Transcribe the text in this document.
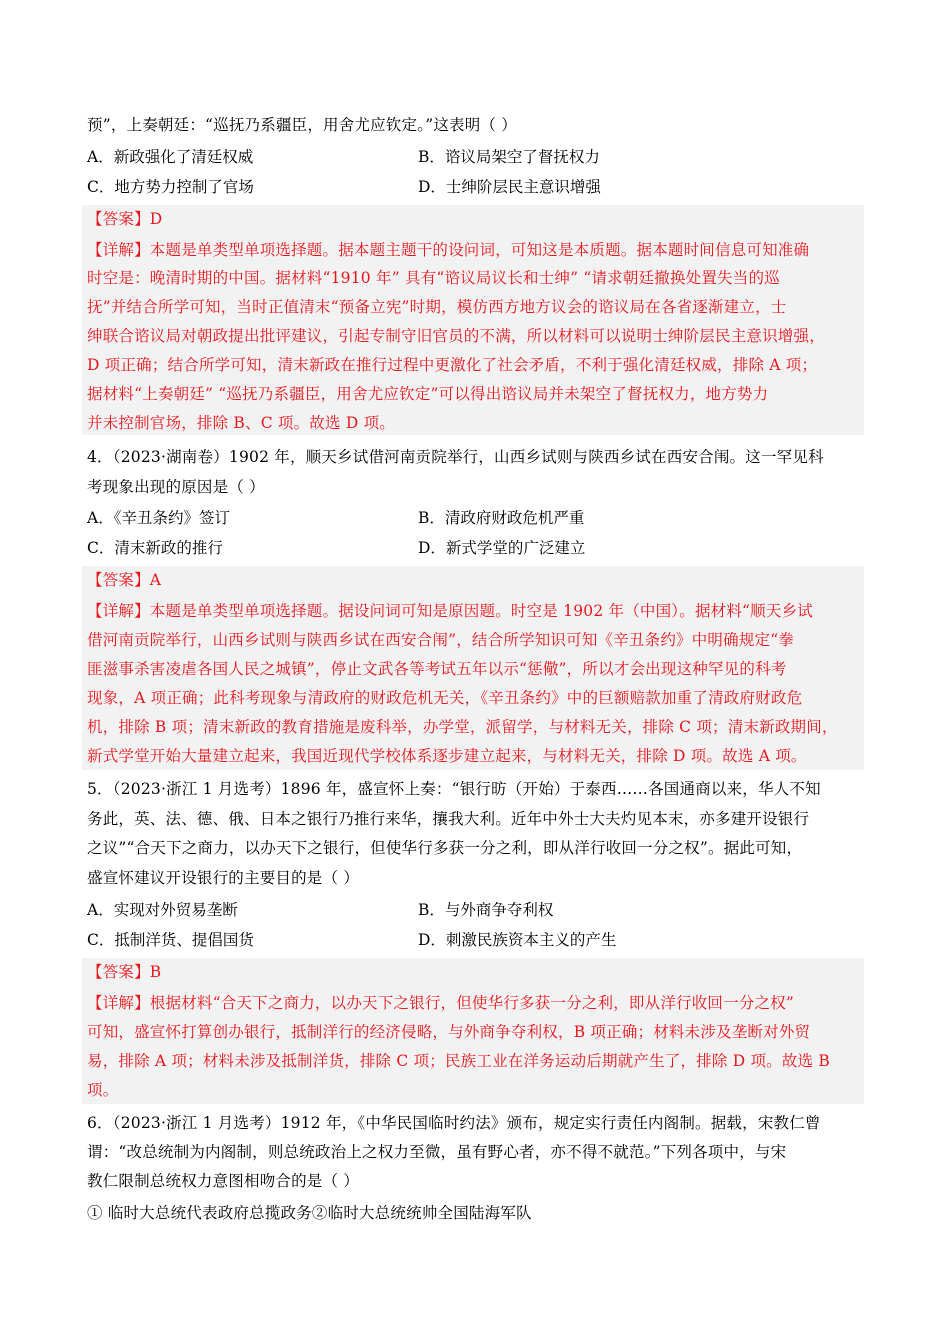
预”，上奏朝廷：“巡抚乃系疆臣，用舍尤应钦定。”这表明（ ）
A．新政强化了清廷权威	B．谘议局架空了督抚权力
C．地方势力控制了官场	D．士绅阶层民主意识增强
【答案】D
【详解】本题是单类型单项选择题。据本题主题干的设问词，可知这是本质题。据本题时间信息可知准确
时空是：晚清时期的中国。据材料“1910 年” 具有“谘议局议长和士绅” “请求朝廷撤换处置失当的巡
抚”并结合所学可知，当时正值清末“预备立宪”时期，模仿西方地方议会的谘议局在各省逐渐建立，士
绅联合谘议局对朝政提出批评建议，引起专制守旧官员的不满，所以材料可以说明士绅阶层民主意识增强，
D 项正确；结合所学可知，清末新政在推行过程中更激化了社会矛盾，不利于强化清廷权威，排除 A 项；
据材料“上奏朝廷” “巡抚乃系疆臣，用舍尤应钦定”可以得出谘议局并未架空了督抚权力，地方势力
并未控制官场，排除 B、C 项。故选 D 项。
4．（2023·湖南卷）1902 年，顺天乡试借河南贡院举行，山西乡试则与陕西乡试在西安合闱。这一罕见科
考现象出现的原因是（ ）
A．《辛丑条约》签订	B．清政府财政危机严重
C．清末新政的推行	D．新式学堂的广泛建立
【答案】A
【详解】本题是单类型单项选择题。据设问词可知是原因题。时空是 1902 年（中国）。据材料“顺天乡试
借河南贡院举行，山西乡试则与陕西乡试在西安合闱”，结合所学知识可知《辛丑条约》中明确规定“拳
匪滋事杀害凌虐各国人民之城镇”，停止文武各等考试五年以示“惩儆”，所以才会出现这种罕见的科考
现象，A 项正确；此科考现象与清政府的财政危机无关，《辛丑条约》中的巨额赔款加重了清政府财政危
机，排除 B 项；清末新政的教育措施是废科举，办学堂，派留学，与材料无关，排除 C 项；清末新政期间，
新式学堂开始大量建立起来，我国近现代学校体系逐步建立起来，与材料无关，排除 D 项。故选 A 项。
5．（2023·浙江 1 月选考）1896 年，盛宣怀上奏：“银行昉（开始）于泰西……各国通商以来，华人不知
务此，英、法、德、俄、日本之银行乃推行来华，攘我大利。近年中外士大夫灼见本末，亦多建开设银行
之议”“合天下之商力，以办天下之银行，但使华行多获一分之利，即从洋行收回一分之权”。据此可知，
盛宣怀建议开设银行的主要目的是（ ）
A．实现对外贸易垄断	B．与外商争夺利权
C．抵制洋货、提倡国货	D．刺激民族资本主义的产生
【答案】B
【详解】根据材料“合天下之商力，以办天下之银行，但使华行多获一分之利，即从洋行收回一分之权”
可知，盛宣怀打算创办银行，抵制洋行的经济侵略，与外商争夺利权，B 项正确；材料未涉及垄断对外贸
易，排除 A 项；材料未涉及抵制洋货，排除 C 项；民族工业在洋务运动后期就产生了，排除 D 项。故选 B
项。
6．（2023·浙江 1 月选考）1912 年，《中华民国临时约法》颁布，规定实行责任内阁制。据载，宋教仁曾
谓：“改总统制为内阁制，则总统政治上之权力至微，虽有野心者，亦不得不就范。”下列各项中，与宋
教仁限制总统权力意图相吻合的是（ ）
① 临时大总统代表政府总揽政务②临时大总统统帅全国陆海军队
